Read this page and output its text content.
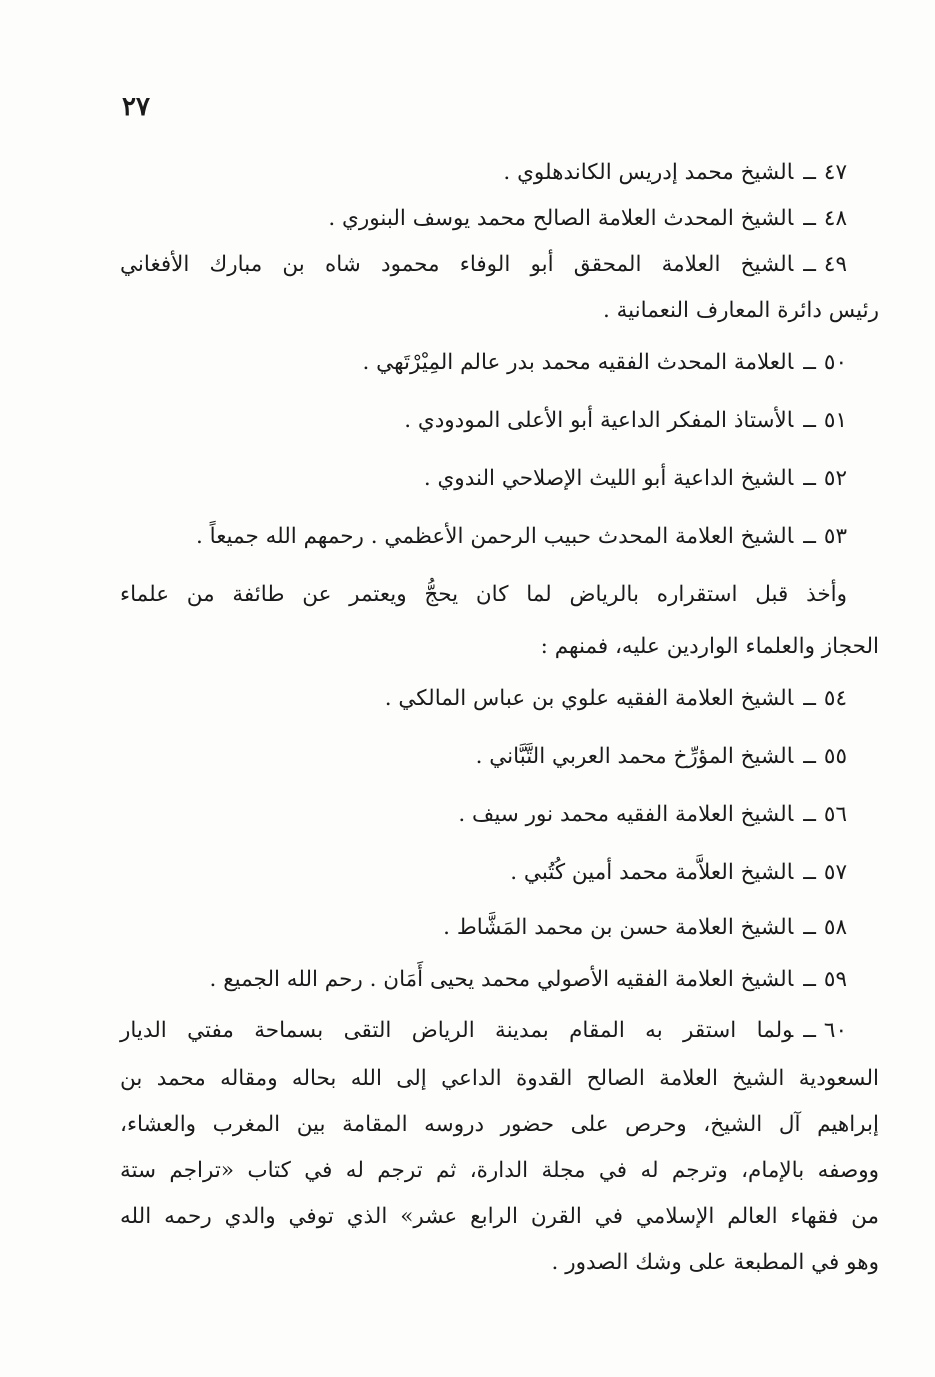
٢٧
٤٧ــالشيخ محمد إدريس الكاندهلوي .
٤٨ــالشيخ المحدث العلامة الصالح محمد يوسف البنوري .
٤٩ــالشيخ العلامة المحقق أبو الوفاء محمود شاه بن مبارك الأفغاني
رئيس دائرة المعارف النعمانية .
٥٠ــالعلامة المحدث الفقيه محمد بدر عالم المِيْرْتَهي .
٥١ــالأستاذ المفكر الداعية أبو الأعلى المودودي .
٥٢ــالشيخ الداعية أبو الليث الإصلاحي الندوي .
٥٣ــالشيخ العلامة المحدث حبيب الرحمن الأعظمي . رحمهم الله جميعاً .
وأخذ قبل استقراره بالرياض لما كان يحجُّ ويعتمر عن طائفة من علماء
الحجاز والعلماء الواردين عليه، فمنهم :
٥٤ــالشيخ العلامة الفقيه علوي بن عباس المالكي .
٥٥ــالشيخ المؤرِّخ محمد العربي التَّبَّاني .
٥٦ــالشيخ العلامة الفقيه محمد نور سيف .
٥٧ــالشيخ العلاَّمة محمد أمين كُتُبي .
٥٨ــالشيخ العلامة حسن بن محمد المَشَّاط .
٥٩ــالشيخ العلامة الفقيه الأصولي محمد يحيى أَمَان . رحم الله الجميع .
٦٠ــولما استقر به المقام بمدينة الرياض التقى بسماحة مفتي الديار
السعودية الشيخ العلامة الصالح القدوة الداعي إلى الله بحاله ومقاله محمد بن
إبراهيم آل الشيخ، وحرص على حضور دروسه المقامة بين المغرب والعشاء،
ووصفه بالإمام، وترجم له في مجلة الدارة، ثم ترجم له في كتاب «تراجم ستة
من فقهاء العالم الإسلامي في القرن الرابع عشر» الذي توفي والدي رحمه الله
وهو في المطبعة على وشك الصدور .
